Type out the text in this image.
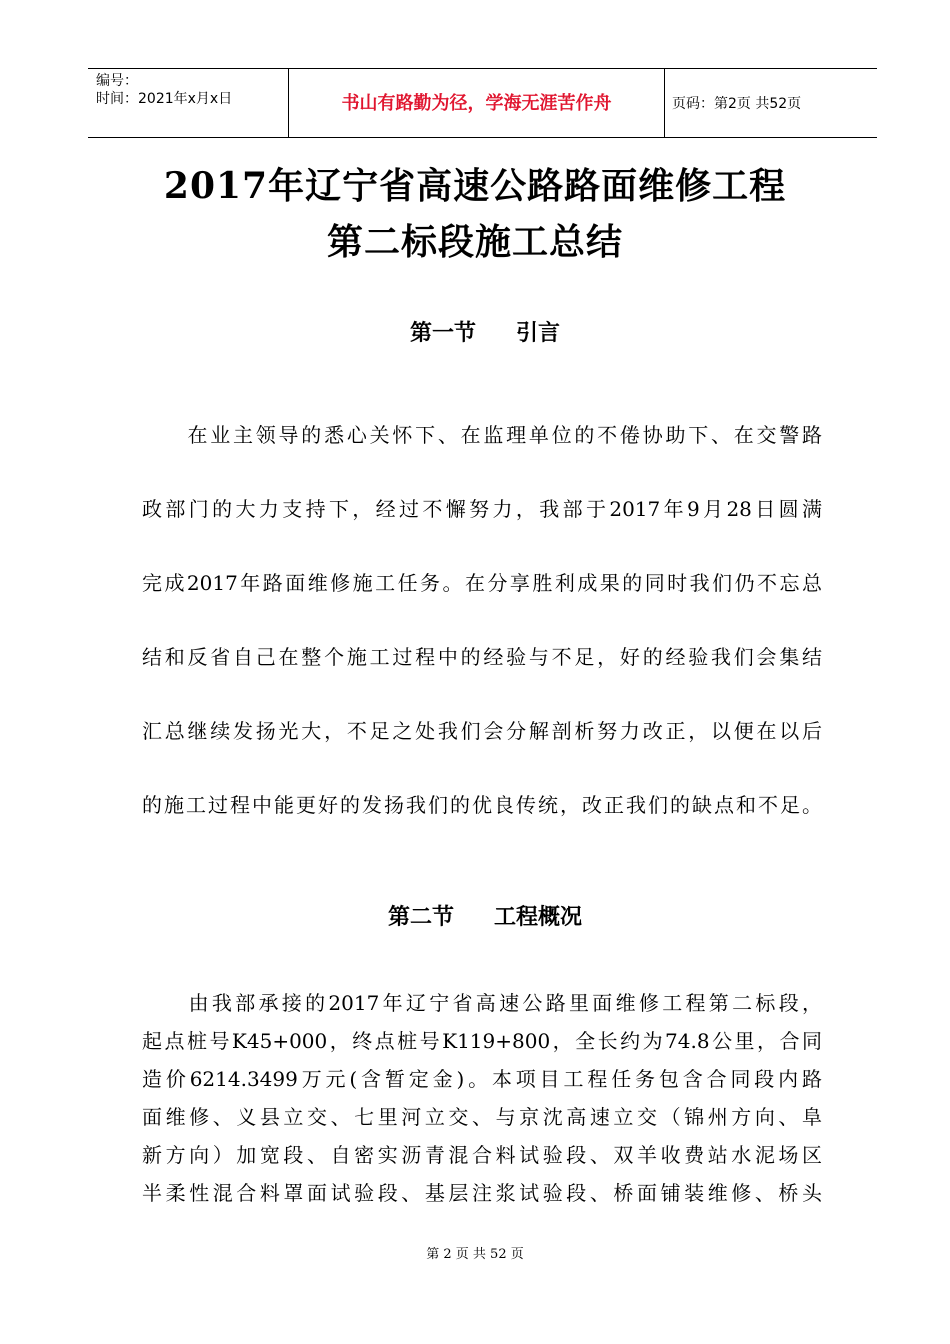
编号：
时间：2021年x月x日	书山有路勤为径，学海无涯苦作舟	页码：第2页 共52页
2017年辽宁省高速公路路面维修工程
第二标段施工总结
第一节 引言
　　在业主领导的悉心关怀下、在监理单位的不倦协助下、在交警路
政部门的大力支持下，经过不懈努力，我部于2017年9月28日圆满
完成2017年路面维修施工任务。在分享胜利成果的同时我们仍不忘总
结和反省自己在整个施工过程中的经验与不足，好的经验我们会集结
汇总继续发扬光大，不足之处我们会分解剖析努力改正，以便在以后
的施工过程中能更好的发扬我们的优良传统，改正我们的缺点和不足。
第二节 工程概况
　　由我部承接的2017年辽宁省高速公路里面维修工程第二标段，
起点桩号K45+000，终点桩号K119+800，全长约为74.8公里，合同
造价6214.3499万元(含暂定金)。本项目工程任务包含合同段内路
面维修、义县立交、七里河立交、与京沈高速立交（锦州方向、阜
新方向）加宽段、自密实沥青混合料试验段、双羊收费站水泥场区
半柔性混合料罩面试验段、基层注浆试验段、桥面铺装维修、桥头
第 2 页 共 52 页
